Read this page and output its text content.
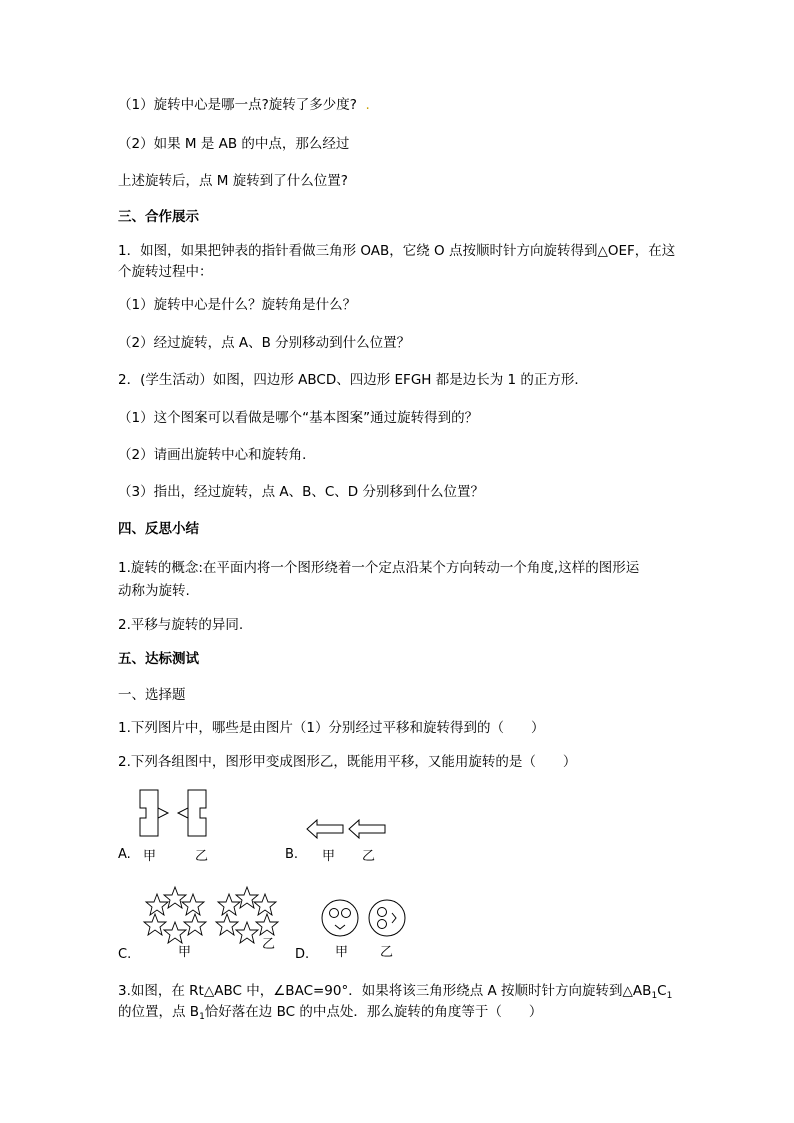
（1）旋转中心是哪一点?旋转了多少度? .
（2）如果 M 是 AB 的中点，那么经过
上述旋转后，点 M 旋转到了什么位置?
三、合作展示
1．如图，如果把钟表的指针看做三角形 OAB，它绕 O 点按顺时针方向旋转得到△OEF，在这
个旋转过程中：
（1）旋转中心是什么？旋转角是什么？
（2）经过旋转，点 A、B 分别移动到什么位置？
2．(学生活动）如图，四边形 ABCD、四边形 EFGH 都是边长为 1 的正方形．
（1）这个图案可以看做是哪个“基本图案”通过旋转得到的？
（2）请画出旋转中心和旋转角．
（3）指出，经过旋转，点 A、B、C、D 分别移到什么位置？
四、反思小结
1.旋转的概念:在平面内将一个图形绕着一个定点沿某个方向转动一个角度,这样的图形运
动称为旋转.
2.平移与旋转的异同.
五、达标测试
一、选择题
1.下列图片中，哪些是由图片（1）分别经过平移和旋转得到的（　　）
2.下列各组图中，图形甲变成图形乙，既能用平移，又能用旋转的是（　　）
A. 甲	乙	B. 甲 乙
C.	甲
乙
D. 甲 乙
3.如图，在 Rt△ABC 中，∠BAC=90°．如果将该三角形绕点 A 按顺时针方向旋转到$\triangle AB_1C_1$
的位置，点 $B_1$恰好落在边 BC 的中点处．那么旋转的角度等于（　　）
